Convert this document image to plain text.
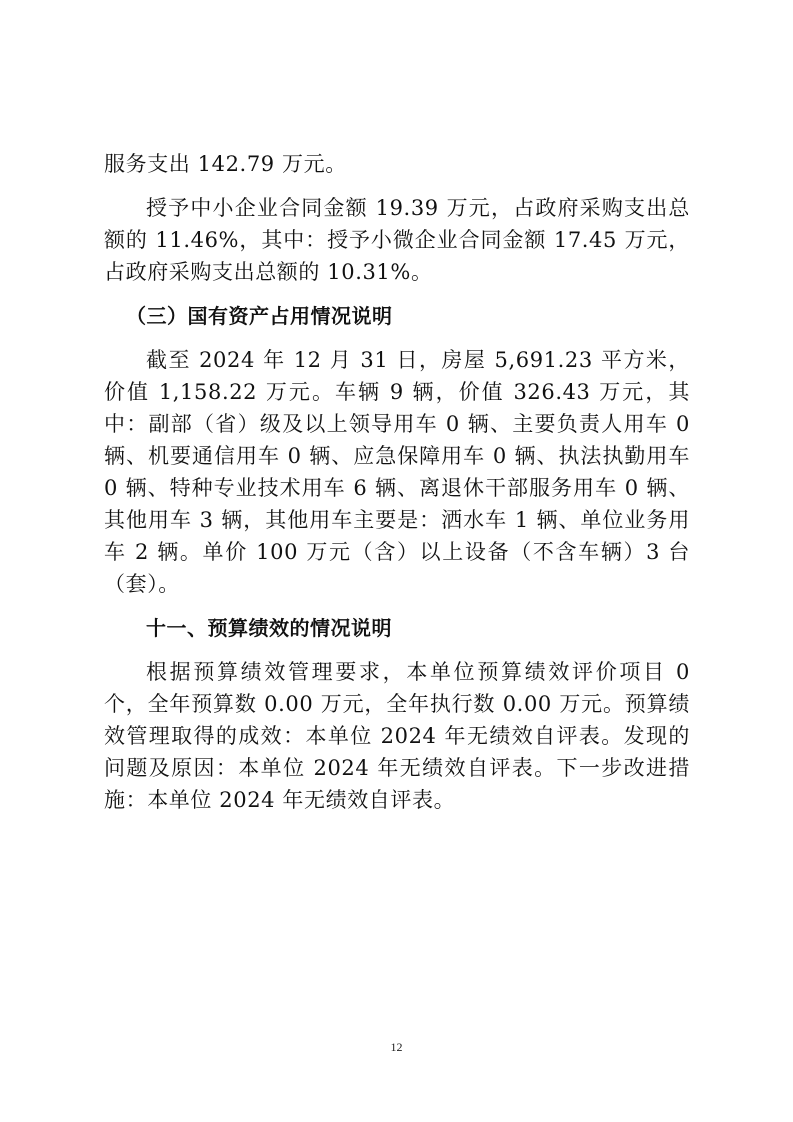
服务支出 142.79 万元。

授予中小企业合同金额 19.39 万元，占政府采购支出总额的 11.46%，其中：授予小微企业合同金额 17.45 万元，占政府采购支出总额的 10.31%。

（三）国有资产占用情况说明

截至 2024 年 12 月 31 日，房屋 5,691.23 平方米，价值 1,158.22 万元。车辆 9 辆，价值 326.43 万元，其中：副部（省）级及以上领导用车 0 辆、主要负责人用车 0 辆、机要通信用车 0 辆、应急保障用车 0 辆、执法执勤用车 0 辆、特种专业技术用车 6 辆、离退休干部服务用车 0 辆、其他用车 3 辆，其他用车主要是：洒水车 1 辆、单位业务用车 2 辆。单价 100 万元（含）以上设备（不含车辆）3 台（套）。

十一、预算绩效的情况说明

根据预算绩效管理要求，本单位预算绩效评价项目 0 个，全年预算数 0.00 万元，全年执行数 0.00 万元。预算绩效管理取得的成效：本单位 2024 年无绩效自评表。发现的问题及原因：本单位 2024 年无绩效自评表。下一步改进措施：本单位 2024 年无绩效自评表。

12
